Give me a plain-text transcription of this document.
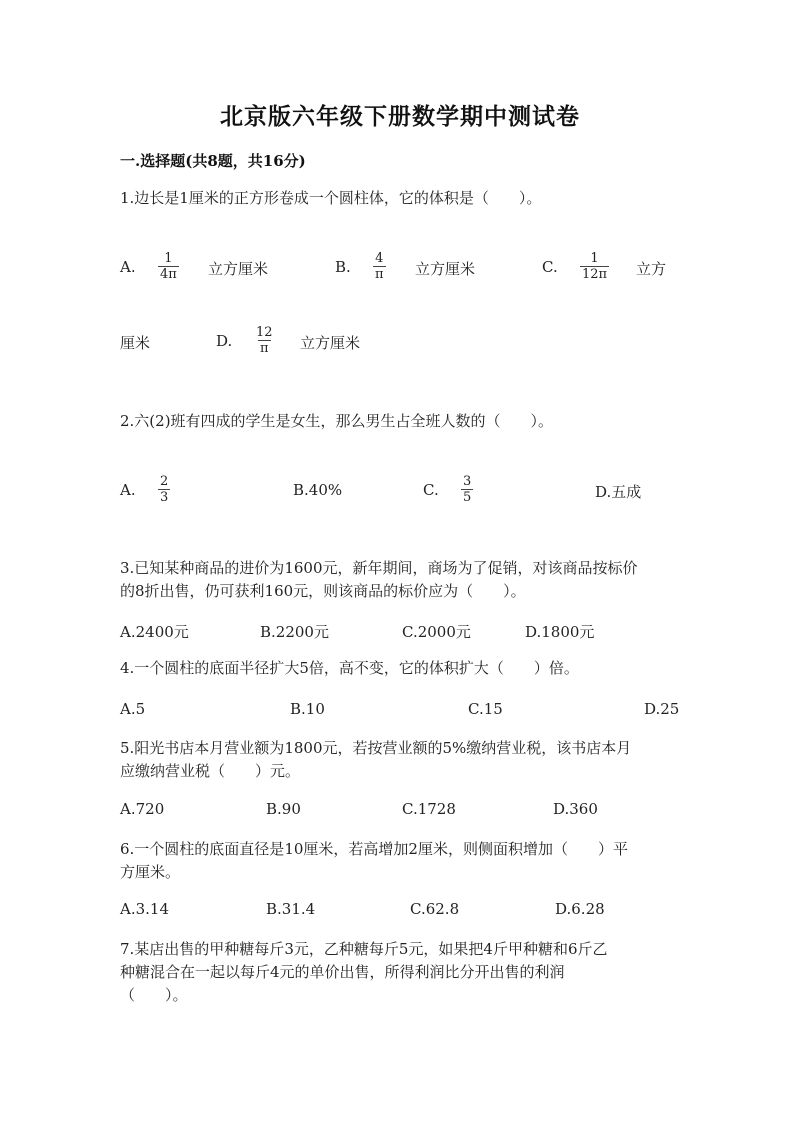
北京版六年级下册数学期中测试卷
一.选择题(共8题，共16分)
1.边长是1厘米的正方形卷成一个圆柱体，它的体积是（　　）。
A. $\frac{1}{4\pi}$ 立方厘米	B. $\frac{4}{\pi}$ 立方厘米	C. $\frac{1}{12\pi}$ 立方
厘米	D. $\frac{12}{\pi}$ 立方厘米
2.六(2)班有四成的学生是女生，那么男生占全班人数的（　　）。
A. $\frac{2}{3}$	B.40%	C. $\frac{3}{5}$	D.五成
3.已知某种商品的进价为1600元，新年期间，商场为了促销，对该商品按标价
的8折出售，仍可获利160元，则该商品的标价应为（　　）。
A.2400元	B.2200元	C.2000元	D.1800元
4.一个圆柱的底面半径扩大5倍，高不变，它的体积扩大（　　）倍。
A.5	B.10	C.15	D.25
5.阳光书店本月营业额为1800元，若按营业额的5%缴纳营业税，该书店本月
应缴纳营业税（　　）元。
A.720	B.90	C.1728	D.360
6.一个圆柱的底面直径是10厘米，若高增加2厘米，则侧面积增加（　　）平
方厘米。
A.3.14	B.31.4	C.62.8	D.6.28
7.某店出售的甲种糖每斤3元，乙种糖每斤5元，如果把4斤甲种糖和6斤乙
种糖混合在一起以每斤4元的单价出售，所得利润比分开出售的利润
（　　）。
